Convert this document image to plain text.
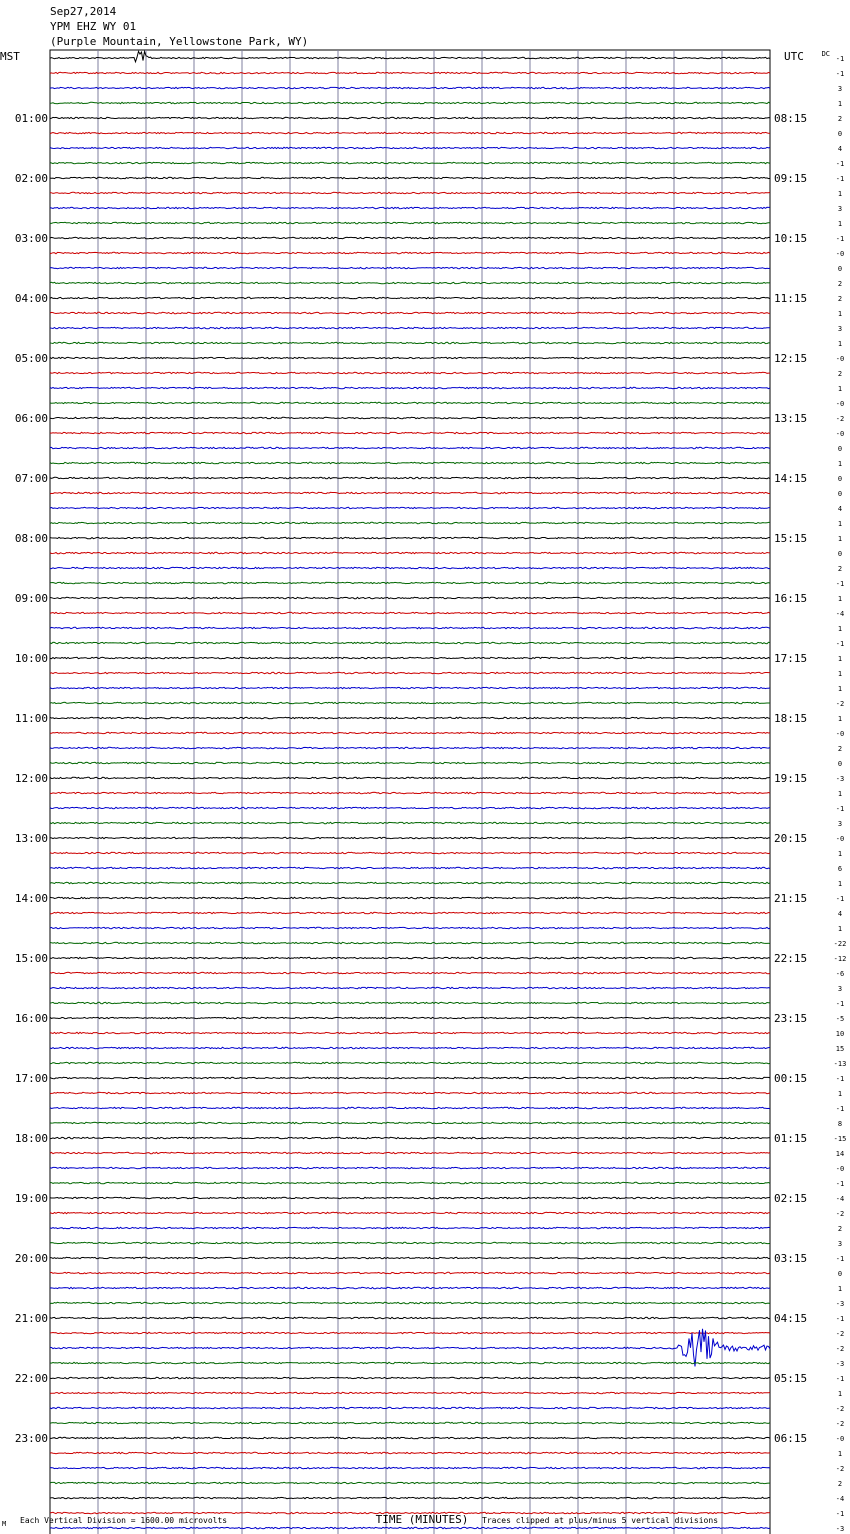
Sep27,2014
YPM EHZ WY 01
(Purple Mountain, Yellowstone Park, WY)
-1
-1
3
1
2
0
4
-1
-1
1
3
1
-1
-0
0
2
2
1
3
1
-0
2
1
-0
-2
-0
0
1
0
0
4
1
1
0
2
-1
1
-4
1
-1
1
1
1
-2
1
-0
2
0
-3
1
-1
3
-0
1
6
1
-1
4
1
-22
-12
-6
3
-1
-5
10
15
-13
-1
1
-1
8
-15
14
-0
-1
-4
-2
2
3
-1
0
1
-3
-1
-2
-2
-3
-1
1
-2
-2
-0
1
-2
2
-4
-1
-3
MST	UTC	DC
01:00
02:00
03:00
04:00
05:00
06:00
07:00
08:00
09:00
10:00
11:00
12:00
13:00
14:00
15:00
16:00
17:00
18:00
19:00
20:00
21:00
22:00
23:00
08:15
09:15
10:15
11:15
12:15
13:15
14:15
15:15
16:15
17:15
18:15
19:15
20:15
21:15
22:15
23:15
00:15
01:15
02:15
03:15
04:15
05:15
06:15
TIME (MINUTES)
Each Vertical Division = 1600.00 microvolts	Traces clipped at plus/minus 5 vertical divisions
M
